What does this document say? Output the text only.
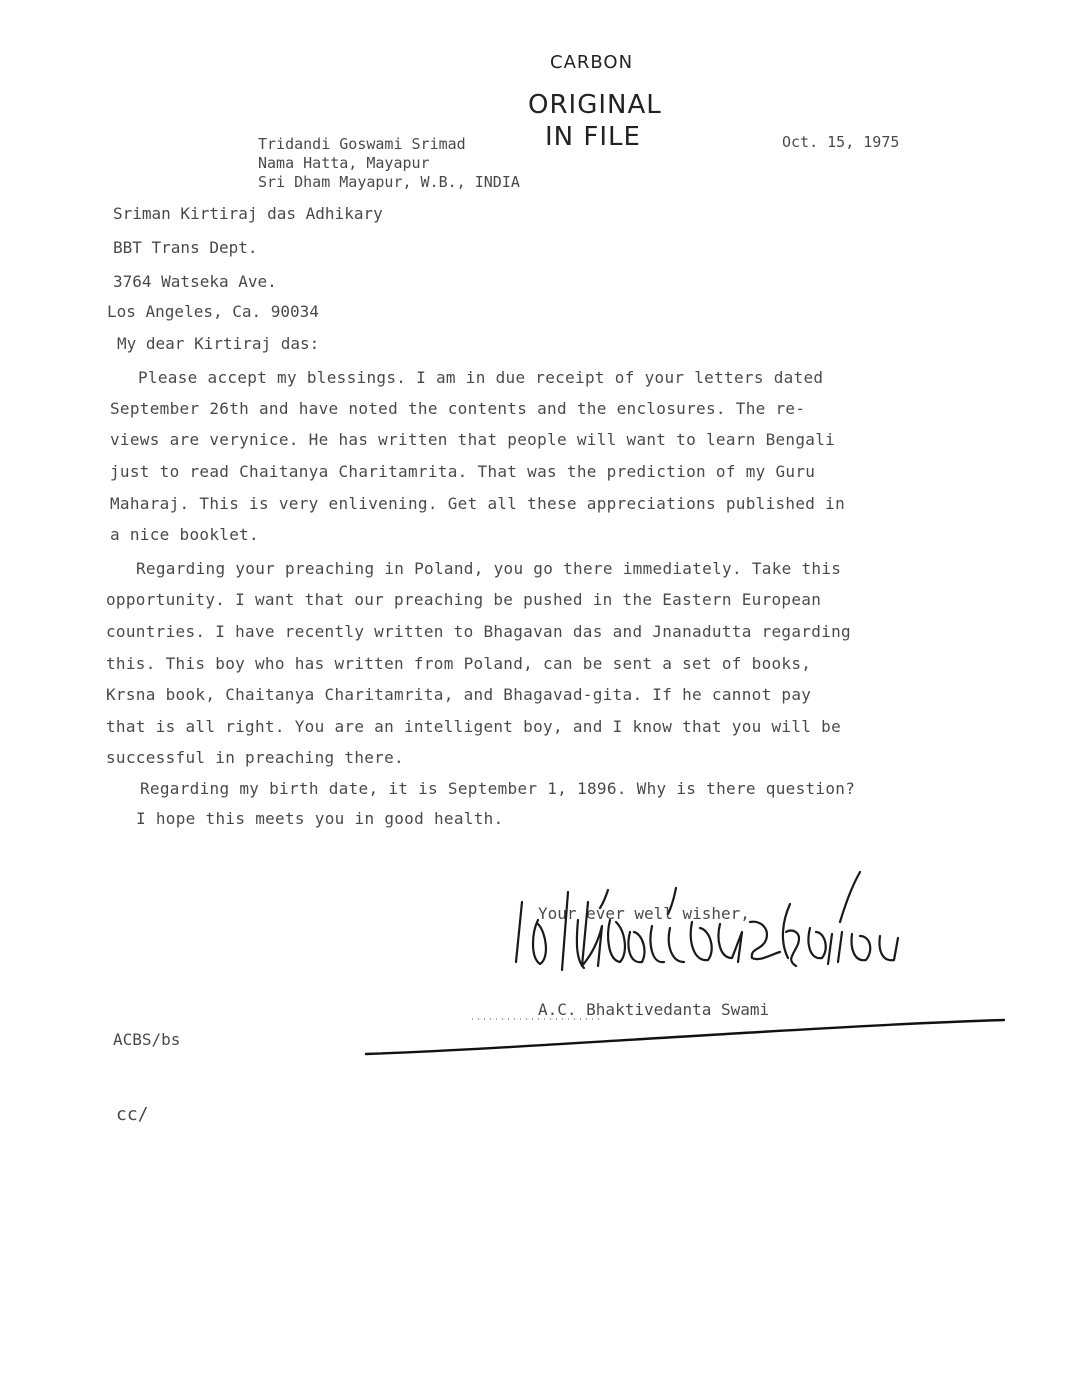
CARBON
ORIGINAL
IN FILE
Tridandi Goswami Srimad
Nama Hatta, Mayapur
Sri Dham Mayapur, W.B., INDIA
Oct. 15, 1975
Sriman Kirtiraj das Adhikary
BBT Trans Dept.
3764 Watseka Ave.
Los Angeles, Ca. 90034
My dear Kirtiraj das:
Please accept my blessings. I am in due receipt of your letters dated
September 26th and have noted the contents and the enclosures. The re-
views are verynice. He has written that people will want to learn Bengali
just to read Chaitanya Charitamrita. That was the prediction of my Guru
Maharaj. This is very enlivening. Get all these appreciations published in
a nice booklet.
Regarding your preaching in Poland, you go there immediately. Take this
opportunity. I want that our preaching be pushed in the Eastern European
countries. I have recently written to Bhagavan das and Jnanadutta regarding
this. This boy who has written from Poland, can be sent a set of books,
Krsna book, Chaitanya Charitamrita, and Bhagavad-gita. If he cannot pay
that is all right. You are an intelligent boy, and I know that you will be
successful in preaching there.
Regarding my birth date, it is September 1, 1896. Why is there question?
I hope this meets you in good health.
Your ever well wisher,
A.C. Bhaktivedanta Swami
ACBS/bs
cc/
